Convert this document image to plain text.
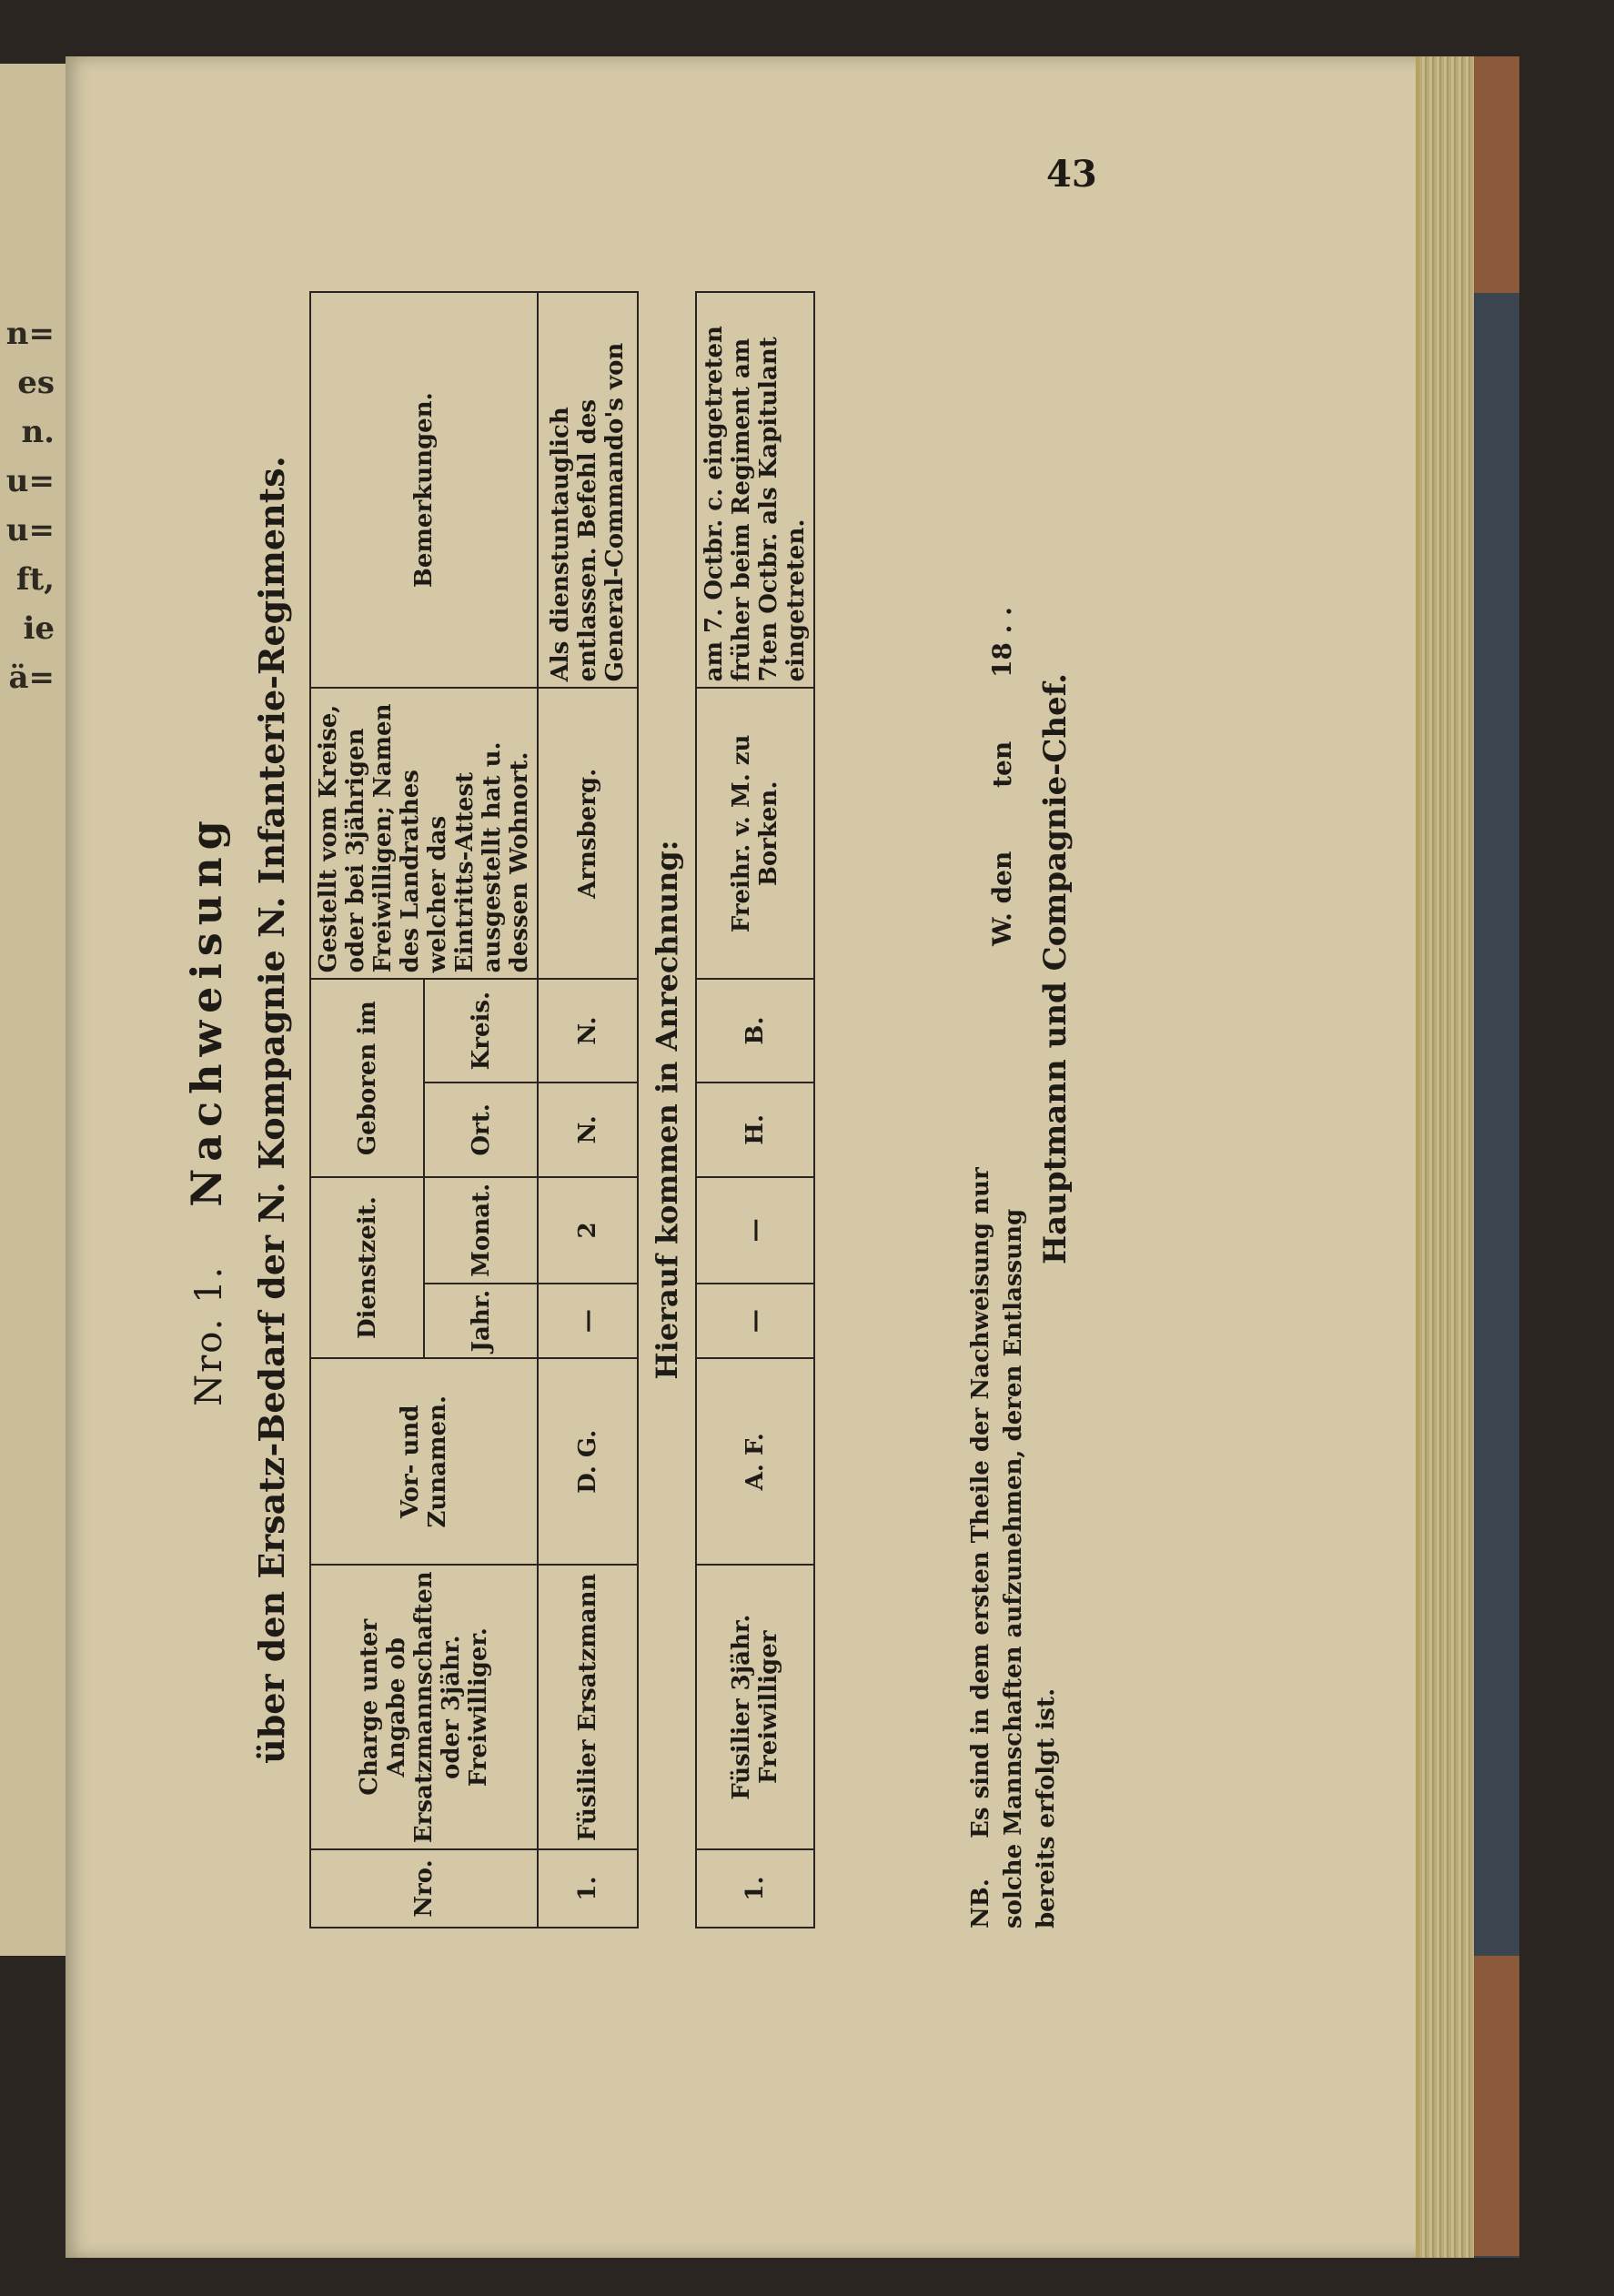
n=
es
n.
u=
u=
ft,
ie
ä=
43
Nro. 1. Nachweisung über den Ersatz-Bedarf der N. Kompagnie N. Infanterie-Regiments.
Nro.	Charge unter Angabe ob Ersatzmannschaften oder 3jähr. Freiwilliger.	Vor- und Zunamen.	Dienstzeit.		Geboren im		Gestellt vom Kreise, oder bei 3jährigen Freiwilligen; Namen des Landrathes welcher das Eintritts-Attest ausgestellt hat u. dessen Wohnort.	Bemerkungen.
			Jahr.	Monat.	Ort.	Kreis.		
1.	Füsilier Ersatzmann	D. G.	—	2	N.	N.	Arnsberg.	Als dienstuntauglich entlassen. Befehl des General-Commando's von
Hierauf kommen in Anrechnung:								
1.	Füsilier 3jähr. Freiwilliger	A. F.	—	—	H.	B.	Freihr. v. M. zu Borken.	am 7. Octbr. c. eingetreten früher beim Regiment am 7ten Octbr. als Kapitulant eingetreten.
W. den ten 18 . .
NB. Es sind in dem ersten Theile der Nachweisung nur solche Mannschaften aufzunehmen, deren Entlassung bereits erfolgt ist.
Hauptmann und Compagnie-Chef.
